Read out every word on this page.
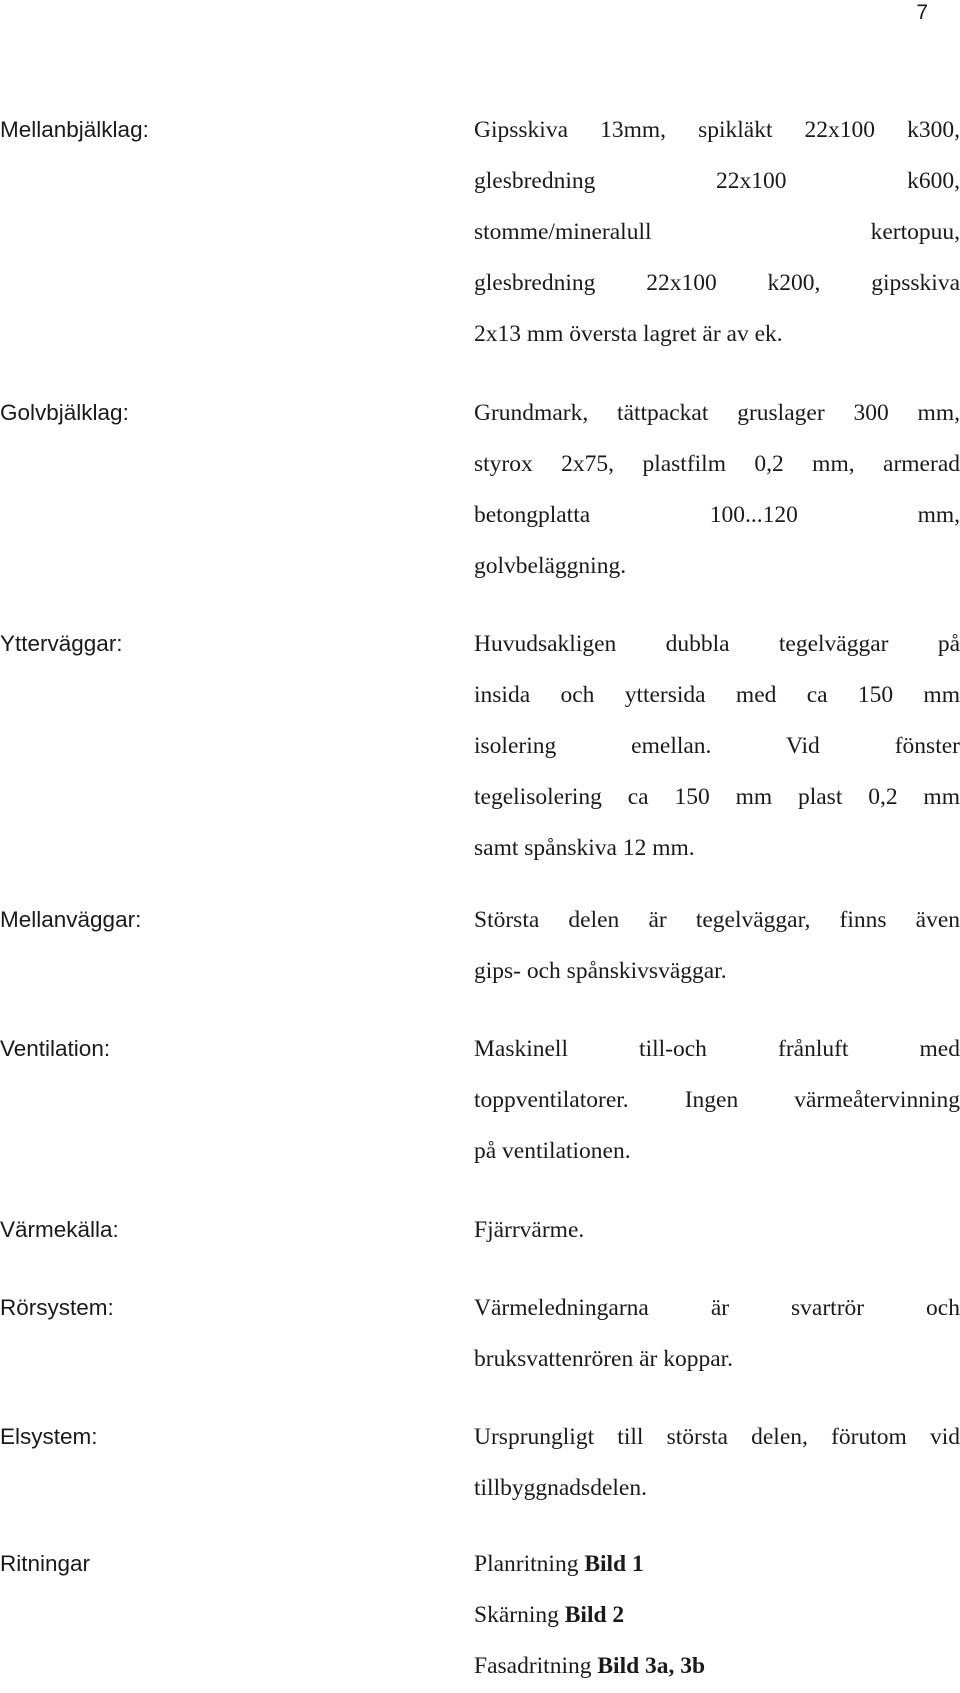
7
Mellanbjälklag:	Gipsskiva 13mm, spikläkt 22x100 k300,
glesbredning 22x100 k600,
stomme/mineralull kertopuu,
glesbredning 22x100 k200, gipsskiva
2x13 mm översta lagret är av ek.
Golvbjälklag:	Grundmark, tättpackat gruslager 300 mm,
styrox 2x75, plastfilm 0,2 mm, armerad
betongplatta 100...120 mm,
golvbeläggning.
Ytterväggar:	Huvudsakligen dubbla tegelväggar på
insida och yttersida med ca 150 mm
isolering emellan. Vid fönster
tegelisolering ca 150 mm plast 0,2 mm
samt spånskiva 12 mm.
Mellanväggar:	Största delen är tegelväggar, finns även
gips- och spånskivsväggar.
Ventilation:	Maskinell till-och frånluft med
toppventilatorer. Ingen värmeåtervinning
på ventilationen.
Värmekälla:	Fjärrvärme.
Rörsystem:	Värmeledningarna är svartrör och
bruksvattenrören är koppar.
Elsystem:	Ursprungligt till största delen, förutom vid
tillbyggnadsdelen.
Ritningar	Planritning Bild 1
Skärning Bild 2
Fasadritning Bild 3a, 3b
